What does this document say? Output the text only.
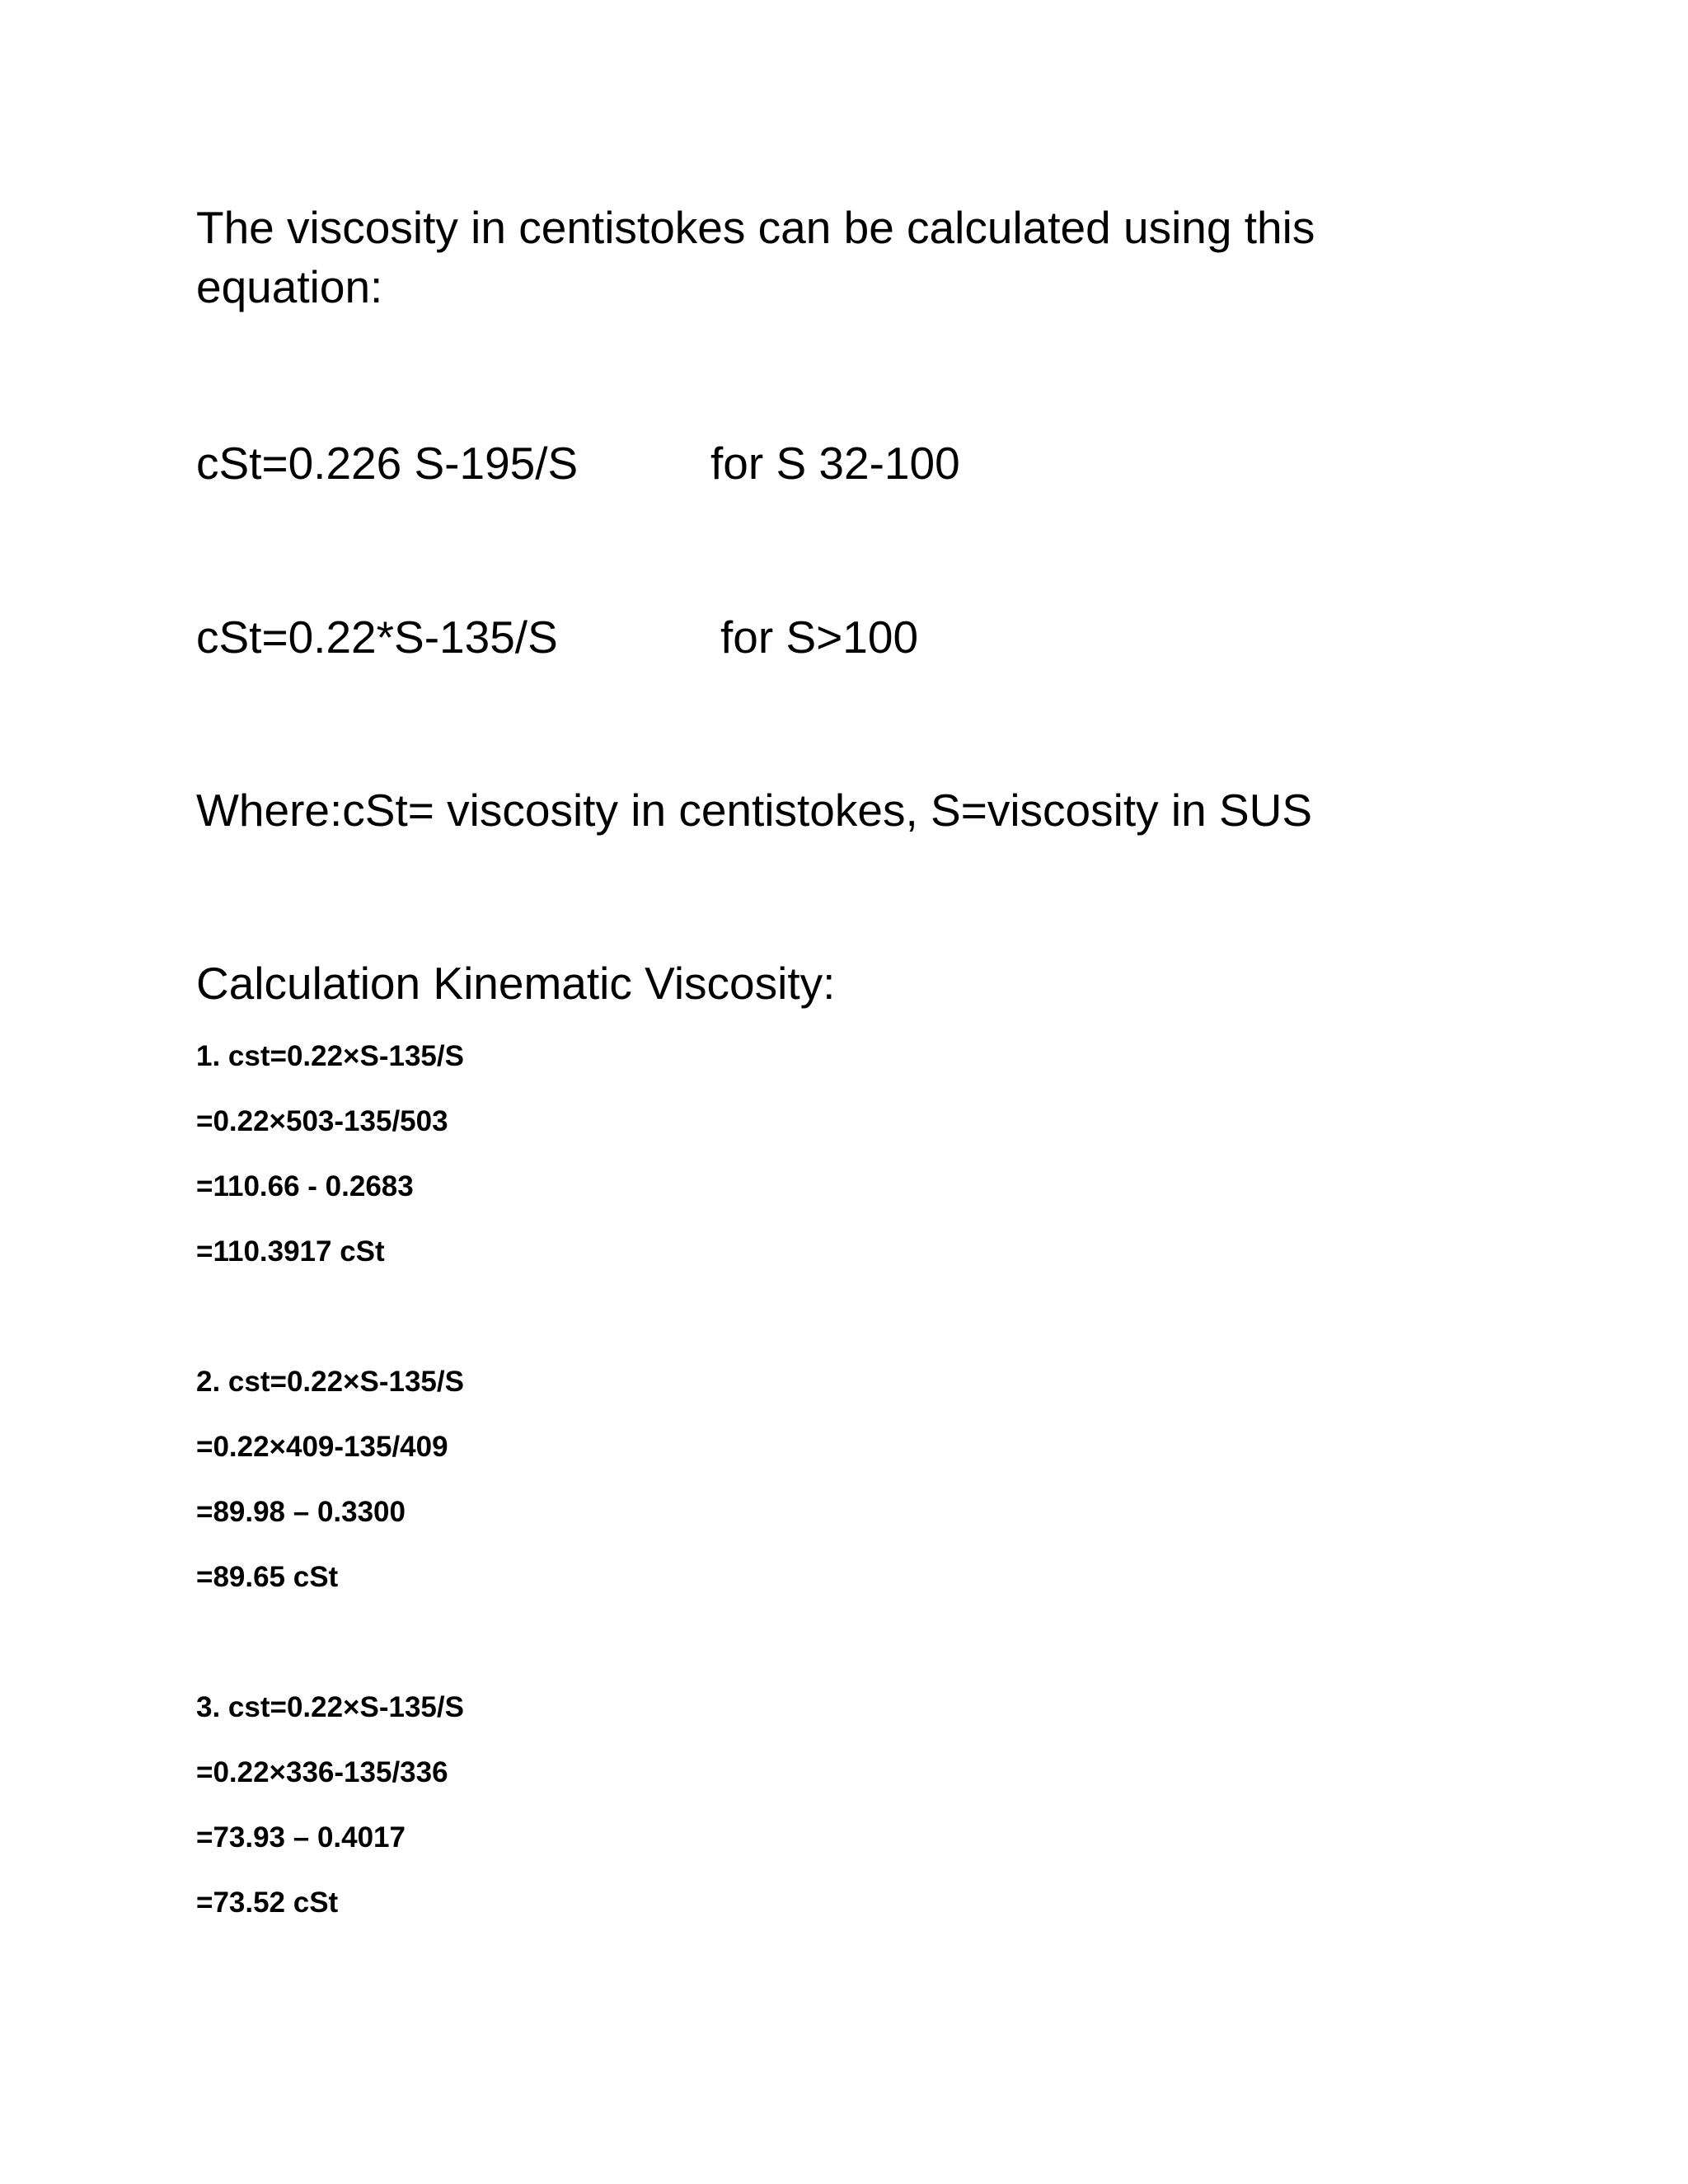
The viscosity in centistokes can be calculated using this
equation:
cSt=0.226 S-195/S	for S 32-100
cSt=0.22*S-135/S	for S>100
Where:cSt= viscosity in centistokes, S=viscosity in SUS
Calculation Kinematic Viscosity:
1. cst=0.22×S-135/S
=0.22×503-135/503
=110.66 - 0.2683
=110.3917 cSt
2. cst=0.22×S-135/S
=0.22×409-135/409
=89.98 – 0.3300
=89.65 cSt
3. cst=0.22×S-135/S
=0.22×336-135/336
=73.93 – 0.4017
=73.52 cSt
